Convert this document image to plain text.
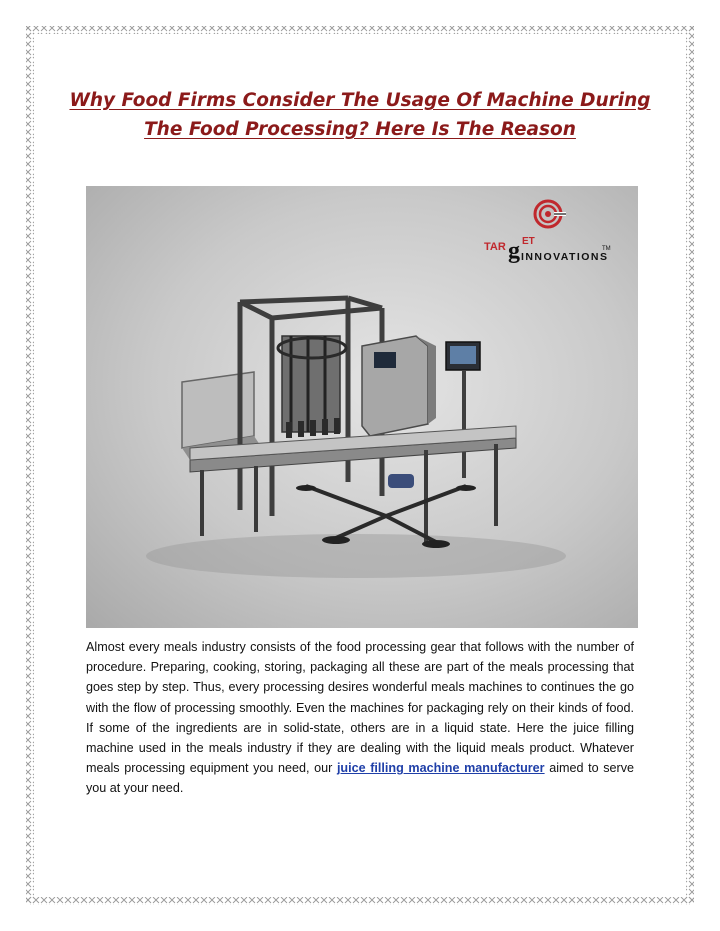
Why Food Firms Consider The Usage Of Machine During The Food Processing? Here Is The Reason
TAR g ET
INNOVATIONS
TM
Almost every meals industry consists of the food processing gear that follows with the number of procedure. Preparing, cooking, storing, packaging all these are part of the meals processing that goes step by step. Thus, every processing desires wonderful meals machines to continues the go with the flow of processing smoothly. Even the machines for packaging rely on their kinds of food. If some of the ingredients are in solid-state, others are in a liquid state. Here the juice filling machine used in the meals industry if they are dealing with the liquid meals product. Whatever meals processing equipment you need, our juice filling machine manufacturer aimed to serve you at your need.
